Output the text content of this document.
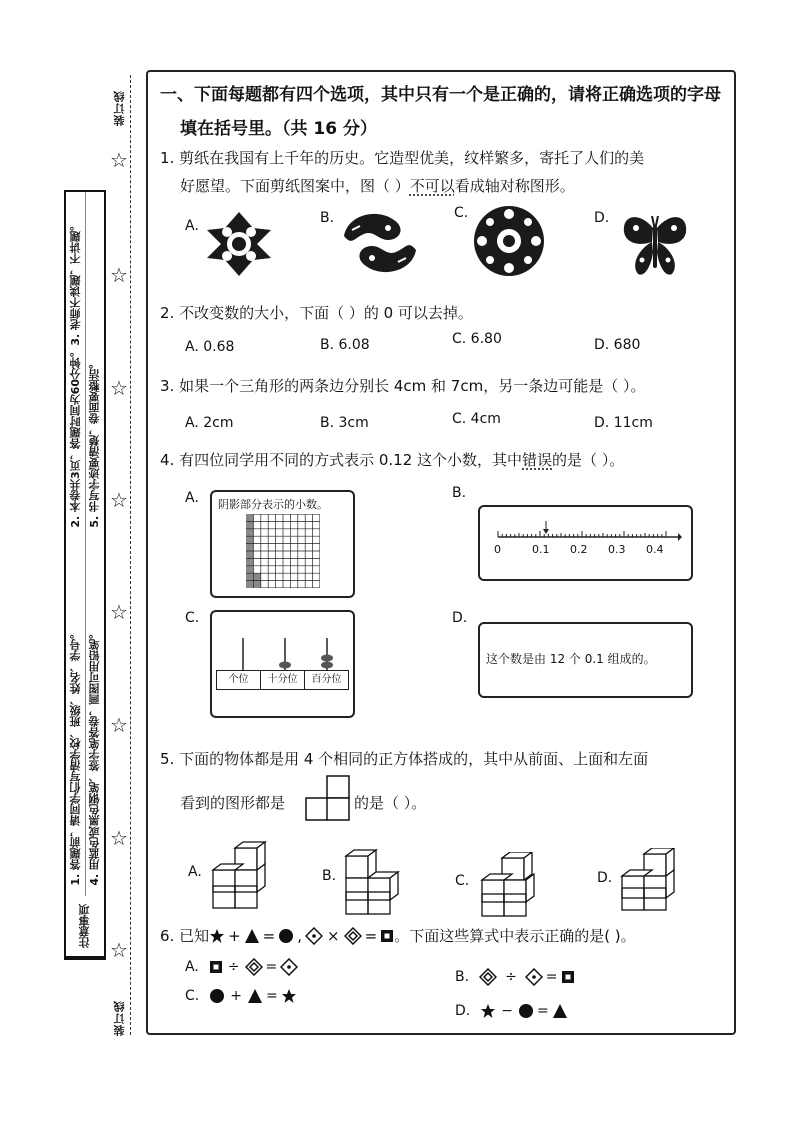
装订线
装订线
☆
☆
☆
☆
☆
☆
☆
☆
1. 答题前，请同学们写清学校、班级、姓名、学号。
2. 本卷共3页，答题时间为60分钟。
3. 老师不读题，不讲题。
4. 用蓝色或黑色钢笔、签字笔答卷，画图可用铅笔。
5. 书写字迹要清楚，卷面要整洁。
注意事项
一、下面每题都有四个选项，其中只有一个是正确的，请将正确选项的字母
填在括号里。（共 16 分）
1. 剪纸在我国有上千年的历史。它造型优美，纹样繁多，寄托了人们的美
好愿望。下面剪纸图案中，图（ ）不可以看成轴对称图形。
A.	B.	C.	D.
2. 不改变数的大小，下面（ ）的 0 可以去掉。
A. 0.68	B. 6.08	C. 6.80	D. 680
3. 如果一个三角形的两条边分别长 4cm 和 7cm，另一条边可能是（ ）。
A. 2cm	B. 3cm	C. 4cm	D. 11cm
4. 有四位同学用不同的方式表示 0.12 这个小数，其中错误的是（ ）。
A.	B.
C.	D.
阴影部分表示的小数。
0	0.1 0.2 0.3 0.4
个位	十分位	百分位
这个数是由 12 个 0.1 组成的。
5. 下面的物体都是用 4 个相同的正方体搭成的，其中从前面、上面和左面
看到的图形都是	的是（ ）。
A.	B.	C.	D.
6. 已知 + = , × = 。下面这些算式中表示正确的是( )。
A. ÷ =
B.	÷ =
C. + =
D. − =
